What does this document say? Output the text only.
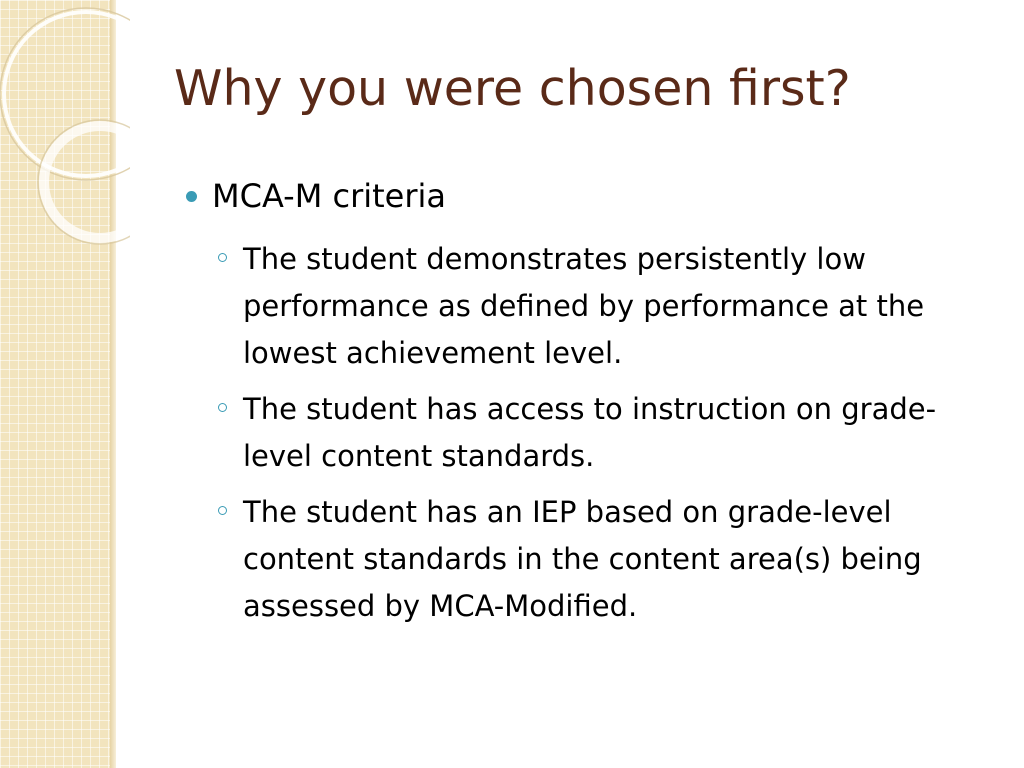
Why you were chosen first?
MCA-M criteria
The student demonstrates persistently low performance as defined by performance at the lowest achievement level.
The student has access to instruction on grade-level content standards.
The student has an IEP based on grade-level content standards in the content area(s) being assessed by MCA-Modified.
